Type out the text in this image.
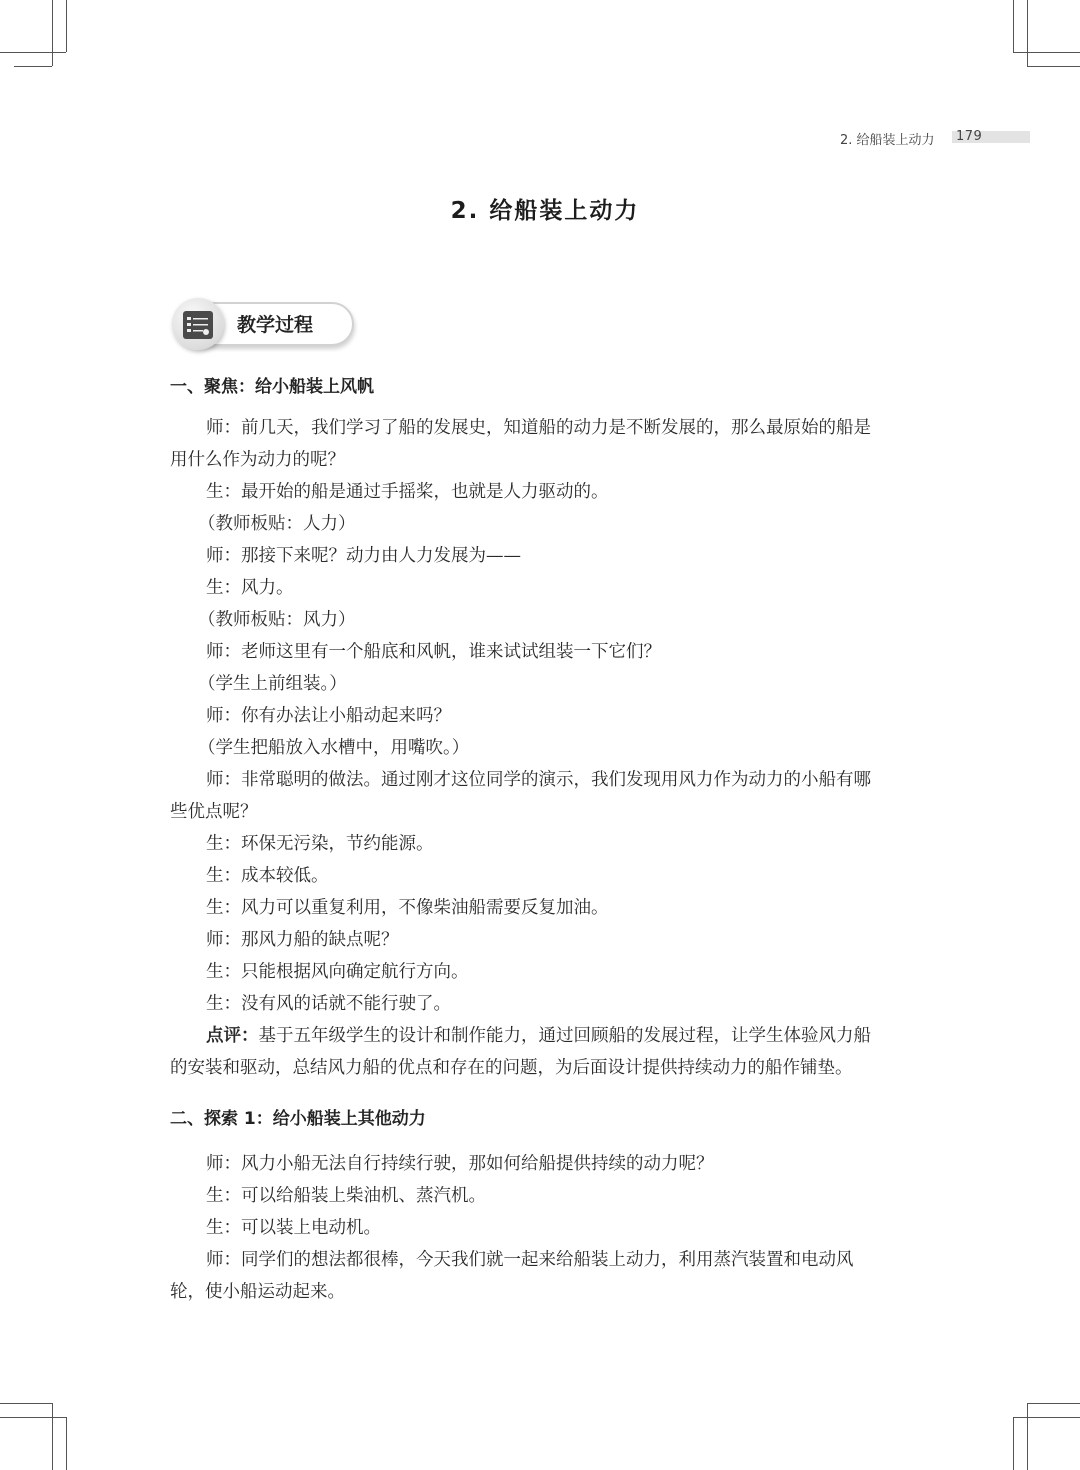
2. 给船装上动力 179
2. 给船装上动力
教学过程
一、聚焦：给小船装上风帆
师：前几天，我们学习了船的发展史，知道船的动力是不断发展的，那么最原始的船是
用什么作为动力的呢？
生：最开始的船是通过手摇桨，也就是人力驱动的。
（教师板贴：人力）
师：那接下来呢？动力由人力发展为——
生：风力。
（教师板贴：风力）
师：老师这里有一个船底和风帆，谁来试试组装一下它们？
（学生上前组装。）
师：你有办法让小船动起来吗？
（学生把船放入水槽中，用嘴吹。）
师：非常聪明的做法。通过刚才这位同学的演示，我们发现用风力作为动力的小船有哪
些优点呢？
生：环保无污染，节约能源。
生：成本较低。
生：风力可以重复利用，不像柴油船需要反复加油。
师：那风力船的缺点呢？
生：只能根据风向确定航行方向。
生：没有风的话就不能行驶了。
点评：基于五年级学生的设计和制作能力，通过回顾船的发展过程，让学生体验风力船
的安装和驱动，总结风力船的优点和存在的问题，为后面设计提供持续动力的船作铺垫。
二、探索 1：给小船装上其他动力
师：风力小船无法自行持续行驶，那如何给船提供持续的动力呢？
生：可以给船装上柴油机、蒸汽机。
生：可以装上电动机。
师：同学们的想法都很棒，今天我们就一起来给船装上动力，利用蒸汽装置和电动风
轮，使小船运动起来。
